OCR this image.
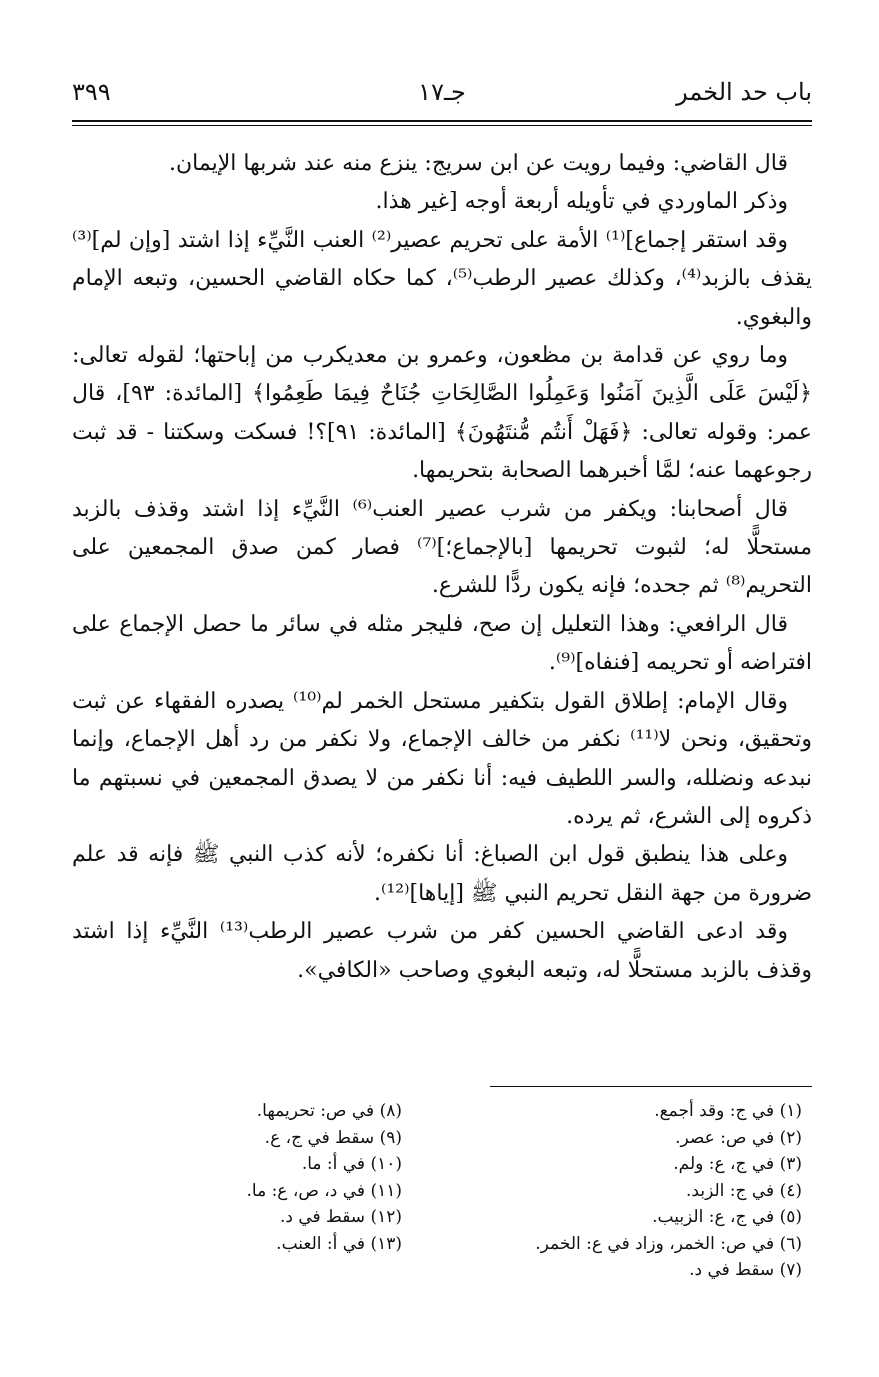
باب حد الخمر
جـ١٧
٣٩٩

قال القاضي: وفيما رويت عن ابن سريج: ينزع منه عند شربها الإيمان.

وذكر الماوردي في تأويله أربعة أوجه [غير هذا.

وقد استقر إجماع]⁽¹⁾ الأمة على تحريم عصير⁽²⁾ العنب النَّيِّء إذا اشتد [وإن لم]⁽³⁾ يقذف بالزبد⁽⁴⁾، وكذلك عصير الرطب⁽⁵⁾، كما حكاه القاضي الحسين، وتبعه الإمام والبغوي.

وما روي عن قدامة بن مظعون، وعمرو بن معديكرب من إباحتها؛ لقوله تعالى: ﴿لَيْسَ عَلَى الَّذِينَ آمَنُوا وَعَمِلُوا الصَّالِحَاتِ جُنَاحٌ فِيمَا طَعِمُوا﴾ [المائدة: ٩٣]، قال عمر: وقوله تعالى: ﴿فَهَلْ أَنتُم مُّنتَهُونَ﴾ [المائدة: ٩١]؟! فسكت وسكتنا - قد ثبت رجوعهما عنه؛ لمَّا أخبرهما الصحابة بتحريمها.

قال أصحابنا: ويكفر من شرب عصير العنب⁽⁶⁾ النَّيِّء إذا اشتد وقذف بالزبد مستحلًّا له؛ لثبوت تحريمها [بالإجماع؛]⁽⁷⁾ فصار كمن صدق المجمعين على التحريم⁽⁸⁾ ثم جحده؛ فإنه يكون ردًّا للشرع.

قال الرافعي: وهذا التعليل إن صح، فليجر مثله في سائر ما حصل الإجماع على افتراضه أو تحريمه [فنفاه]⁽⁹⁾.

وقال الإمام: إطلاق القول بتكفير مستحل الخمر لم⁽¹⁰⁾ يصدره الفقهاء عن ثبت وتحقيق، ونحن لا⁽¹¹⁾ نكفر من خالف الإجماع، ولا نكفر من رد أهل الإجماع، وإنما نبدعه ونضلله، والسر اللطيف فيه: أنا نكفر من لا يصدق المجمعين في نسبتهم ما ذكروه إلى الشرع، ثم يرده.

وعلى هذا ينطبق قول ابن الصباغ: أنا نكفره؛ لأنه كذب النبي ﷺ فإنه قد علم ضرورة من جهة النقل تحريم النبي ﷺ [إياها]⁽¹²⁾.

وقد ادعى القاضي الحسين كفر من شرب عصير الرطب⁽¹³⁾ النَّيِّء إذا اشتد وقذف بالزبد مستحلًّا له، وتبعه البغوي وصاحب «الكافي».

(١) في ج: وقد أجمع.
(٢) في ص: عصر.
(٣) في ج، ع: ولم.
(٤) في ج: الزبد.
(٥) في ج، ع: الزبيب.
(٦) في ص: الخمر، وزاد في ع: الخمر.
(٧) سقط في د.
(٨) في ص: تحريمها.
(٩) سقط في ج، ع.
(١٠) في أ: ما.
(١١) في د، ص، ع: ما.
(١٢) سقط في د.
(١٣) في أ: العنب.
